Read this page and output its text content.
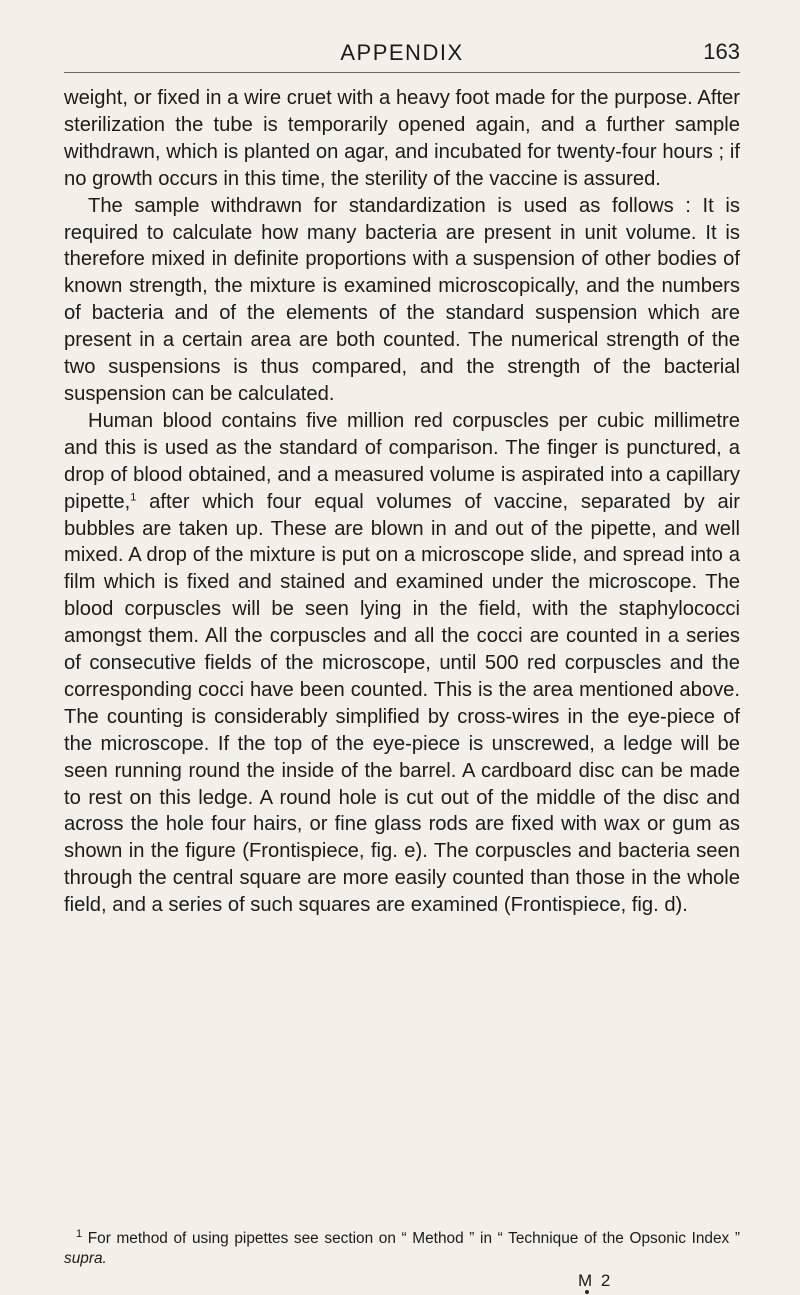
APPENDIX	163

weight, or fixed in a wire cruet with a heavy foot made for the purpose. After sterilization the tube is temporarily opened again, and a further sample withdrawn, which is planted on agar, and incubated for twenty-four hours ; if no growth occurs in this time, the sterility of the vaccine is assured.

The sample withdrawn for standardization is used as follows : It is required to calculate how many bacteria are present in unit volume. It is therefore mixed in definite proportions with a suspension of other bodies of known strength, the mixture is examined microscopically, and the numbers of bacteria and of the elements of the standard suspension which are present in a certain area are both counted. The numerical strength of the two suspensions is thus compared, and the strength of the bacterial suspension can be calculated.

Human blood contains five million red corpuscles per cubic millimetre and this is used as the standard of comparison. The finger is punctured, a drop of blood obtained, and a measured volume is aspirated into a capillary pipette,$^1$ after which four equal volumes of vaccine, separated by air bubbles are taken up. These are blown in and out of the pipette, and well mixed. A drop of the mixture is put on a microscope slide, and spread into a film which is fixed and stained and examined under the microscope. The blood corpuscles will be seen lying in the field, with the staphylococci amongst them. All the corpuscles and all the cocci are counted in a series of consecutive fields of the microscope, until 500 red corpuscles and the corresponding cocci have been counted. This is the area mentioned above. The counting is considerably simplified by cross-wires in the eye-piece of the microscope. If the top of the eye-piece is unscrewed, a ledge will be seen running round the inside of the barrel. A cardboard disc can be made to rest on this ledge. A round hole is cut out of the middle of the disc and across the hole four hairs, or fine glass rods are fixed with wax or gum as shown in the figure (Frontispiece, fig. e). The corpuscles and bacteria seen through the central square are more easily counted than those in the whole field, and a series of such squares are examined (Frontispiece, fig. d).

$^1$ For method of using pipettes see section on “ Method ” in “ Technique of the Opsonic Index ” supra.
M 2
